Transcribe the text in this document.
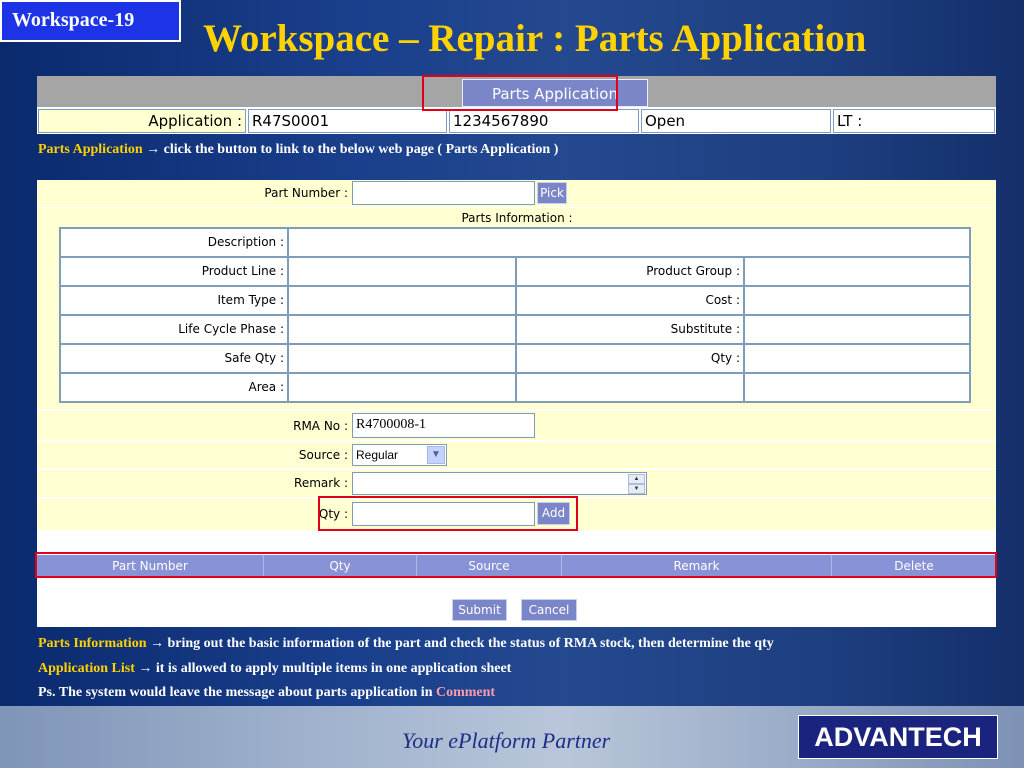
Workspace-19	Workspace – Repair : Parts Application
Parts Application
Application : R47S0001	1234567890	Open	LT :
Parts Application → click the button to link to the below web page ( Parts Application )
Part Number :	Pick
Parts Information :
Description :
Product Line :	Product Group :
Item Type :	Cost :
Life Cycle Phase :	Substitute :
Safe Qty :	Qty :
Area :
RMA No : R4700008-1
Source : Regular	▼
Remark :	▲
▼
Qty :	Add
Part Number	Qty	Source	Remark	Delete
Submit	Cancel
Parts Information → bring out the basic information of the part and check the status of RMA stock, then determine the qty
Application List → it is allowed to apply multiple items in one application sheet
Ps. The system would leave the message about parts application in Comment
Your ePlatform Partner	ADVANTECH
